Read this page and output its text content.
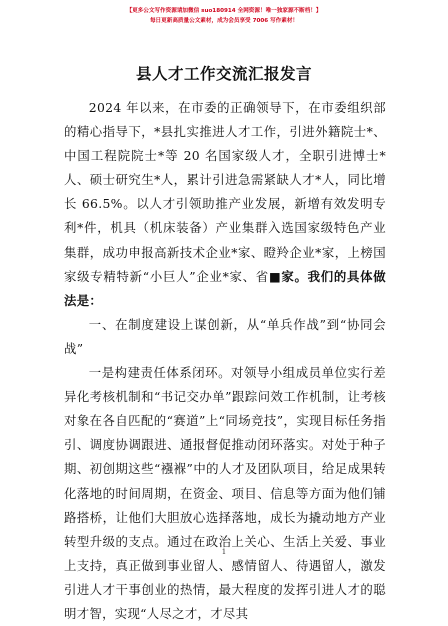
【更多公文写作资源请加微信 suo180914 全网资源！唯一独家源不断档！】
每日更新高质量公文素材，成为会员享受 7006 写作素材！
县人才工作交流汇报发言

2024 年以来，在市委的正确领导下，在市委组织部的精心指导下，*县扎实推进人才工作，引进外籍院士*、中国工程院院士*等 20 名国家级人才，全职引进博士*人、硕士研究生*人，累计引进急需紧缺人才*人，同比增长 66.5%。以人才引领助推产业发展，新增有效发明专利*件，机具（机床装备）产业集群入选国家级特色产业集群，成功申报高新技术企业*家、瞪羚企业*家，上榜国家级专精特新“小巨人”企业*家、省■家。我们的具体做法是：

一、在制度建设上谋创新，从“单兵作战”到“协同会战”

一是构建责任体系闭环。对领导小组成员单位实行差异化考核机制和“书记交办单”跟踪问效工作机制，让考核对象在各自匹配的“赛道”上“同场竞技”，实现目标任务指引、调度协调跟进、通报督促推动闭环落实。对处于种子期、初创期这些“襁褓”中的人才及团队项目，给足成果转化落地的时间周期，在资金、项目、信息等方面为他们铺路搭桥，让他们大胆放心选择落地，成长为撬动地方产业转型升级的支点。通过在政治上关心、生活上关爱、事业上支持，真正做到事业留人、感情留人、待遇留人，激发引进人才干事创业的热情，最大程度的发挥引进人才的聪明才智，实现“人尽之才，才尽其

1
